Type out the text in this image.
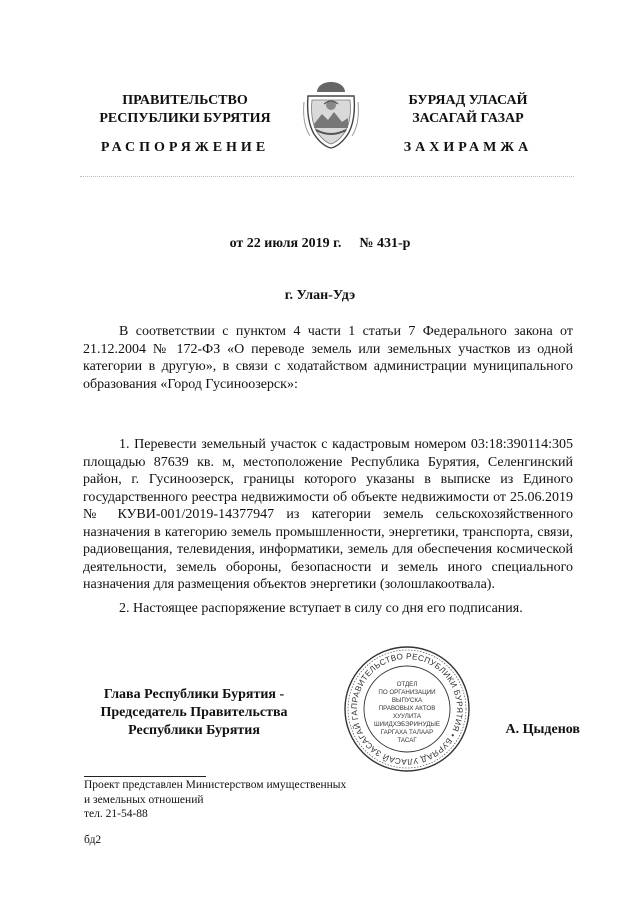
ПРАВИТЕЛЬСТВО
РЕСПУБЛИКИ БУРЯТИЯ
БУРЯАД УЛАСАЙ
ЗАСАГАЙ ГАЗАР
РАСПОРЯЖЕНИЕ	ЗАХИРАМЖА
от 22 июля 2019 г. № 431-р
г. Улан-Удэ

В соответствии с пунктом 4 части 1 статьи 7 Федерального закона от 21.12.2004 № 172-ФЗ «О переводе земель или земельных участков из одной категории в другую», в связи с ходатайством администрации муниципального образования «Город Гусиноозерск»:

1. Перевести земельный участок с кадастровым номером 03:18:390114:305 площадью 87639 кв. м, местоположение Республика Бурятия, Селенгинский район, г. Гусиноозерск, границы которого указаны в выписке из Единого государственного реестра недвижимости об объекте недвижимости от 25.06.2019 № КУВИ-001/2019-14377947 из категории земель сельскохозяйственного назначения в категорию земель промышленности, энергетики, транспорта, связи, радиовещания, телевидения, информатики, земель для обеспечения космической деятельности, земель обороны, безопасности и земель иного специального назначения для размещения объектов энергетики (золошлакоотвала).

2. Настоящее распоряжение вступает в силу со дня его подписания.

Глава Республики Бурятия -
Председатель Правительства
Республики Бурятия
ПРАВИТЕЛЬСТВО РЕСПУБЛИКИ БУРЯТИЯ • БУРЯАД УЛАСАЙ ЗАСАГАЙ ГА
ОТДЕЛ
ПО ОРГАНИЗАЦИИ
ВЫПУСКА
ПРАВОВЫХ АКТОВ
ХУУЛИТА
ШИИДХЭБЭРИНУДЫЕ
ГАРГАХА ТАЛААР
ТАСАГ
А. Цыденов
Проект представлен Министерством имущественных
и земельных отношений
тел. 21-54-88
бд2
